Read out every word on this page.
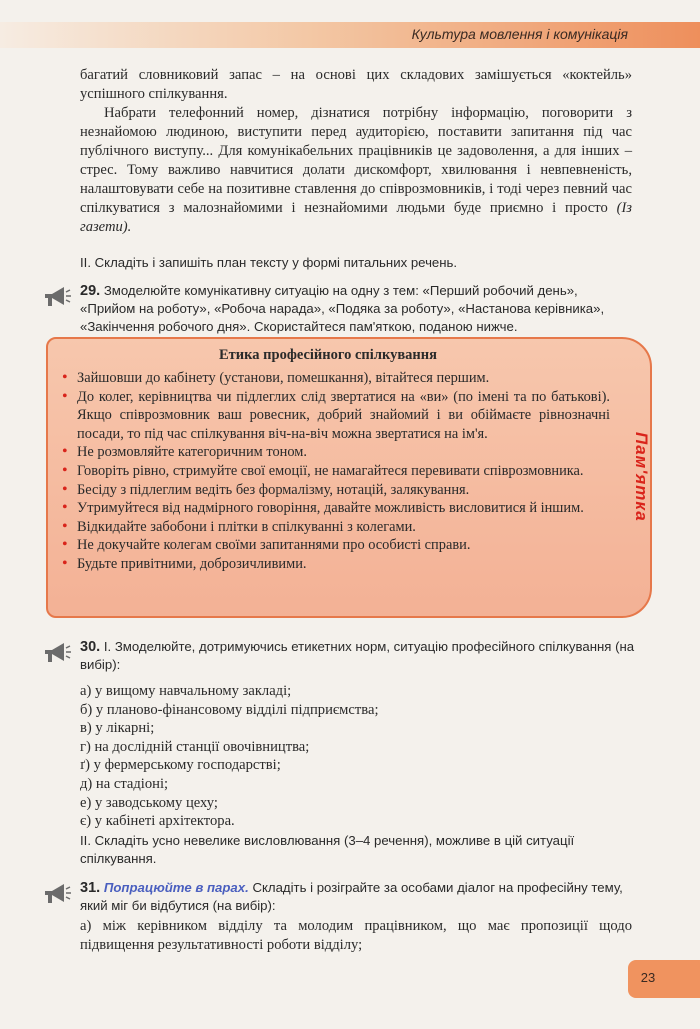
Культура мовлення і комунікація

багатий словниковий запас – на основі цих складових замішується «коктейль» успішного спілкування.

Набрати телефонний номер, дізнатися потрібну інформацію, поговорити з незнайомою людиною, виступити перед аудиторією, поставити запитання під час публічного виступу... Для комунікабельних працівників це задоволення, а для інших – стрес. Тому важливо навчитися долати дискомфорт, хвилювання і невпевненість, налаштовувати себе на позитивне ставлення до співрозмовників, і тоді через певний час спілкуватися з малознайомими і незнайомими людьми буде приємно і просто (Із газети).

ІІ. Складіть і запишіть план тексту у формі питальних речень.
29. Змоделюйте комунікативну ситуацію на одну з тем: «Перший робочий день», «Прийом на роботу», «Робоча нарада», «Подяка за роботу», «Настанова керівника», «Закінчення робочого дня». Скористайтеся пам'яткою, поданою нижче.
Етика професійного спілкування
• Зайшовши до кабінету (установи, помешкання), вітайтеся першим.
• До колег, керівництва чи підлеглих слід звертатися на «ви» (по імені та по батькові). Якщо співрозмовник ваш ровесник, добрий знайомий і ви обіймаєте рівнозначні посади, то під час спілкування віч-на-віч можна звертатися на ім'я.
• Не розмовляйте категоричним тоном.
• Говоріть рівно, стримуйте свої емоції, не намагайтеся перевивати співрозмовника.
• Бесіду з підлеглим ведіть без формалізму, нотацій, залякування.
• Утримуйтеся від надмірного говоріння, давайте можливість висловитися й іншим.
• Відкидайте забобони і плітки в спілкуванні з колегами.
• Не докучайте колегам своїми запитаннями про особисті справи.
• Будьте привітними, доброзичливими.
Пам'ятка
30. І. Змоделюйте, дотримуючись етикетних норм, ситуацію професійного спілкування (на вибір):
а) у вищому навчальному закладі;
б) у планово-фінансовому відділі підприємства;
в) у лікарні;
г) на дослідній станції овочівництва;
ґ) у фермерському господарстві;
д) на стадіоні;
е) у заводському цеху;
є) у кабінеті архітектора.
ІІ. Складіть усно невелике висловлювання (3–4 речення), можливе в цій ситуації спілкування.
31. Попрацюйте в парах. Складіть і розіграйте за особами діалог на професійну тему, який міг би відбутися (на вибір):
а) між керівником відділу та молодим працівником, що має пропозиції щодо підвищення результативності роботи відділу;
23
